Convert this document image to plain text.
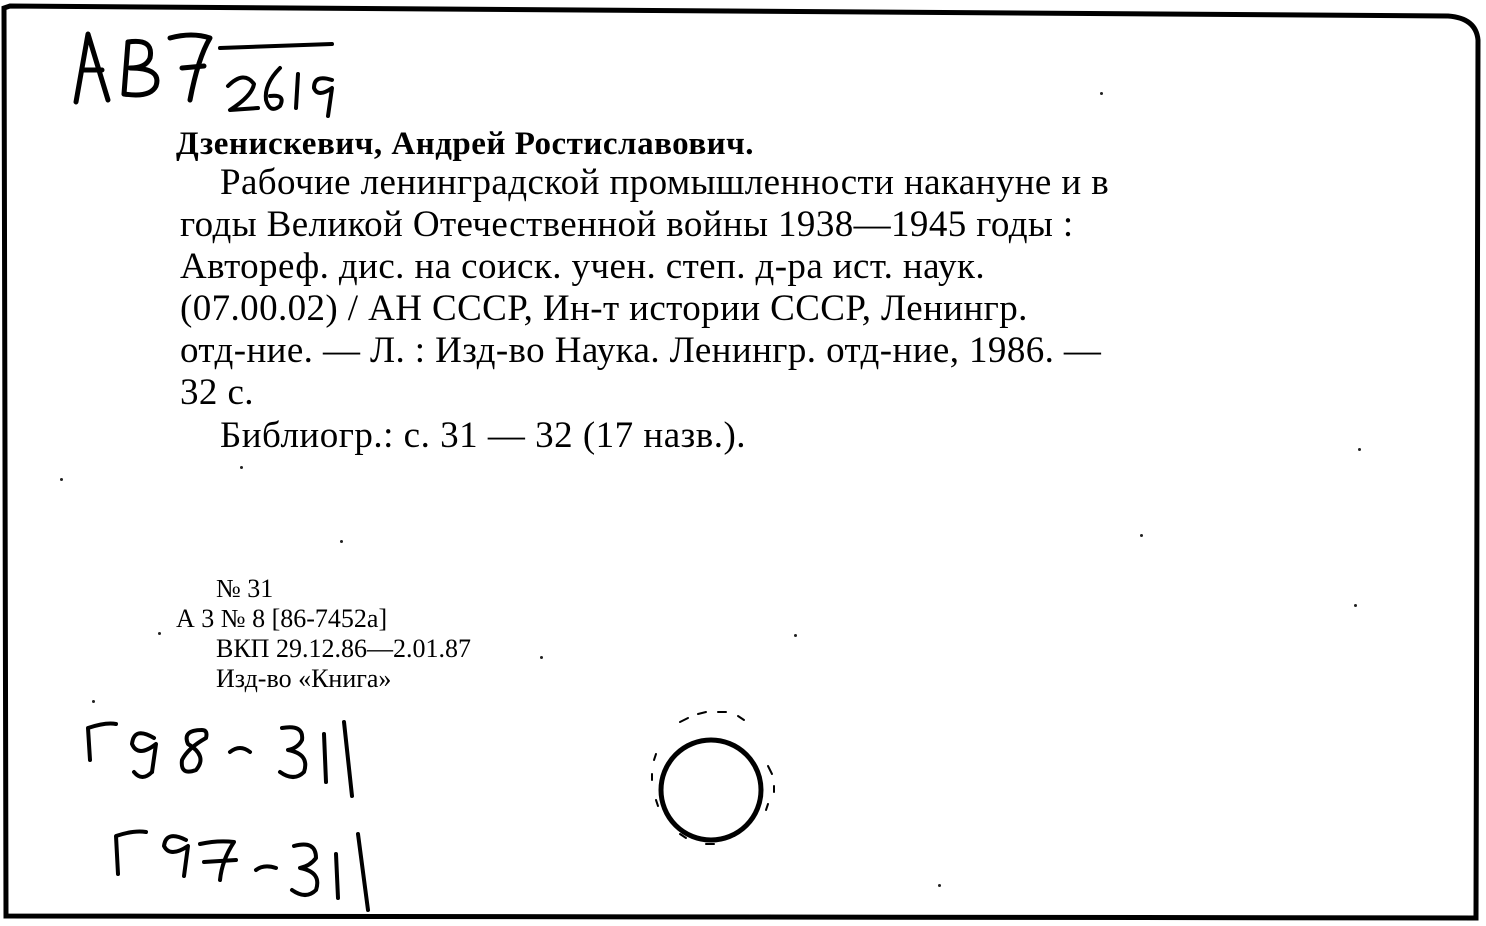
Дзенискевич, Андрей Ростиславович.

Рабочие ленинградской промышленности накануне и в

годы Великой Отечественной войны 1938—1945 годы :

Автореф. дис. на соиск. учен. степ. д-ра ист. наук.

(07.00.02) / АН СССР, Ин-т истории СССР, Ленингр.

отд-ние. — Л. : Изд-во Наука. Ленингр. отд-ние, 1986. —

32 с.

Библиогр.: с. 31 — 32 (17 назв.).
№ 31
А 3 № 8 [86-7452а]
ВКП 29.12.86—2.01.87
Изд-во «Книга»
